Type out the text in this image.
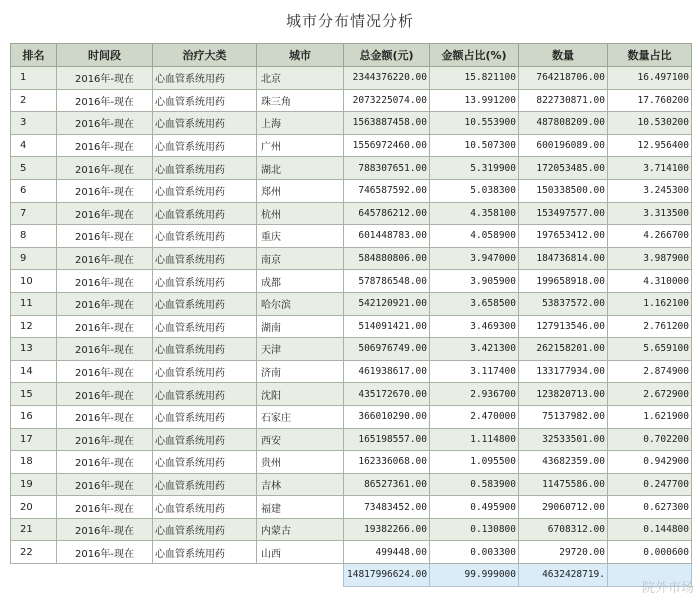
城市分布情况分析
排名	时间段	治疗大类	城市	总金额(元)	金额占比(%)	数量	数量占比
1	2016年-现在	心血管系统用药	北京	2344376220.00	15.821100	764218706.00	16.497100
2	2016年-现在	心血管系统用药	珠三角	2073225074.00	13.991200	822730871.00	17.760200
3	2016年-现在	心血管系统用药	上海	1563887458.00	10.553900	487808209.00	10.530200
4	2016年-现在	心血管系统用药	广州	1556972460.00	10.507300	600196089.00	12.956400
5	2016年-现在	心血管系统用药	湖北	788307651.00	5.319900	172053485.00	3.714100
6	2016年-现在	心血管系统用药	郑州	746587592.00	5.038300	150338500.00	3.245300
7	2016年-现在	心血管系统用药	杭州	645786212.00	4.358100	153497577.00	3.313500
8	2016年-现在	心血管系统用药	重庆	601448783.00	4.058900	197653412.00	4.266700
9	2016年-现在	心血管系统用药	南京	584880806.00	3.947000	184736814.00	3.987900
10	2016年-现在	心血管系统用药	成都	578786548.00	3.905900	199658918.00	4.310000
11	2016年-现在	心血管系统用药	哈尔滨	542120921.00	3.658500	53837572.00	1.162100
12	2016年-现在	心血管系统用药	湖南	514091421.00	3.469300	127913546.00	2.761200
13	2016年-现在	心血管系统用药	天津	506976749.00	3.421300	262158201.00	5.659100
14	2016年-现在	心血管系统用药	济南	461938617.00	3.117400	133177934.00	2.874900
15	2016年-现在	心血管系统用药	沈阳	435172670.00	2.936700	123820713.00	2.672900
16	2016年-现在	心血管系统用药	石家庄	366010290.00	2.470000	75137982.00	1.621900
17	2016年-现在	心血管系统用药	西安	165198557.00	1.114800	32533501.00	0.702200
18	2016年-现在	心血管系统用药	贵州	162336068.00	1.095500	43682359.00	0.942900
19	2016年-现在	心血管系统用药	吉林	86527361.00	0.583900	11475586.00	0.247700
20	2016年-现在	心血管系统用药	福建	73483452.00	0.495900	29060712.00	0.627300
21	2016年-现在	心血管系统用药	内蒙古	19382266.00	0.130800	6708312.00	0.144800
22	2016年-现在	心血管系统用药	山西	499448.00	0.003300	29720.00	0.000600
				14817996624.00	99.999000	4632428719.	
院外市场
